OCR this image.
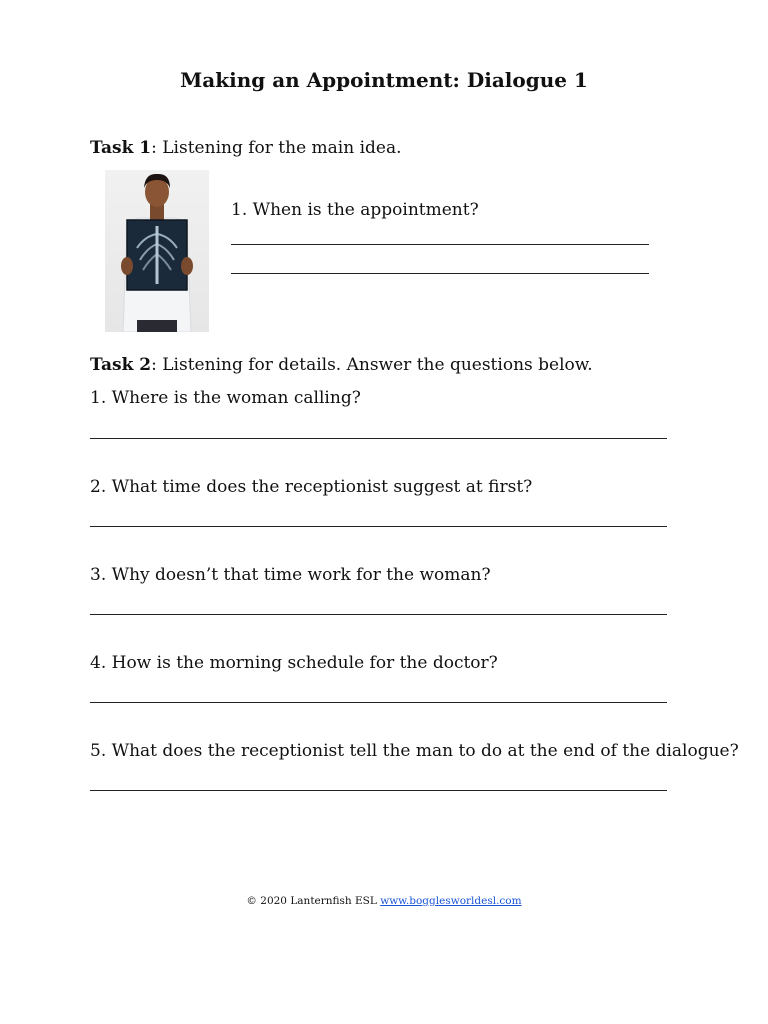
Making an Appointment: Dialogue 1
Task 1: Listening for the main idea.
1. When is the appointment?
Task 2: Listening for details. Answer the questions below.
1. Where is the woman calling?
2. What time does the receptionist suggest at first?
3. Why doesn’t that time work for the woman?
4. How is the morning schedule for the doctor?
5. What does the receptionist tell the man to do at the end of the dialogue?
© 2020 Lanternfish ESL www.bogglesworldesl.com
